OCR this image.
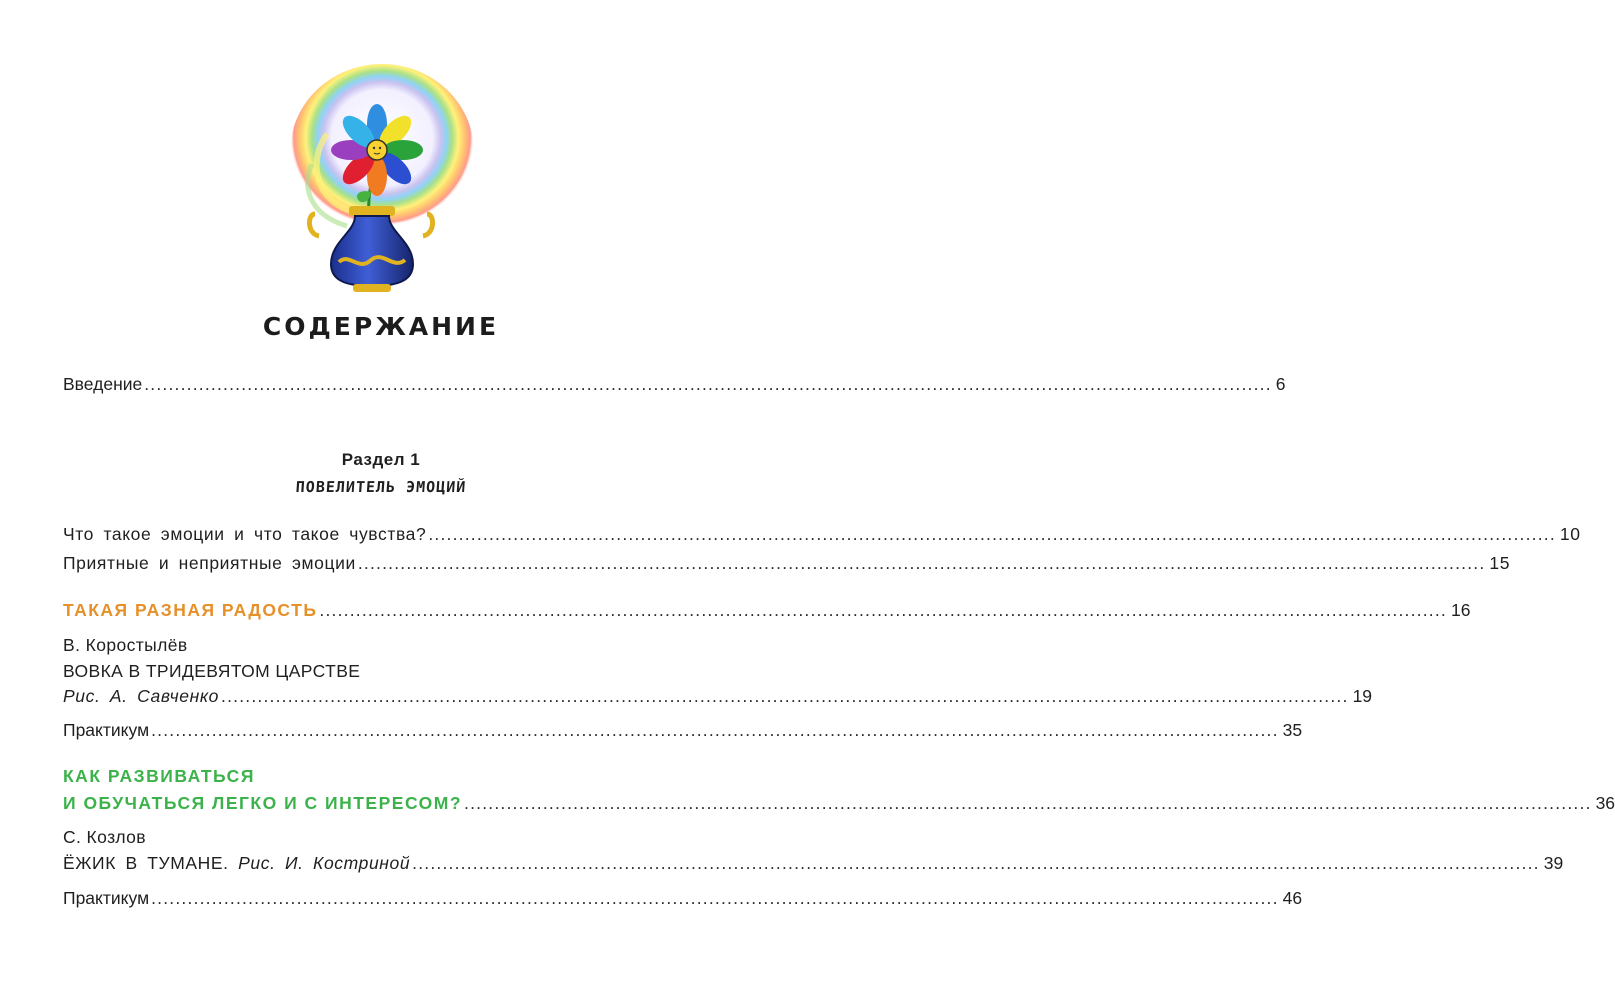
СОДЕРЖАНИЕ
Введение .......................................................................................................................................................................................... 6
Раздел 1
ПОВЕЛИТЕЛЬ ЭМОЦИЙ
Что такое эмоции и что такое чувства? .......................................................................................................................................................................................... 10
Приятные и неприятные эмоции .......................................................................................................................................................................................... 15
ТАКАЯ РАЗНАЯ РАДОСТЬ .......................................................................................................................................................................................... 16
В. Коростылёв
ВОВКА В ТРИДЕВЯТОМ ЦАРСТВЕ
Рис. А. Савченко .......................................................................................................................................................................................... 19
Практикум .......................................................................................................................................................................................... 35
КАК РАЗВИВАТЬСЯ
И ОБУЧАТЬСЯ ЛЕГКО И С ИНТЕРЕСОМ? .......................................................................................................................................................................................... 36
С. Козлов
ЁЖИК В ТУМАНЕ. Рис. И. Костриной .......................................................................................................................................................................................... 39
Практикум .......................................................................................................................................................................................... 46
